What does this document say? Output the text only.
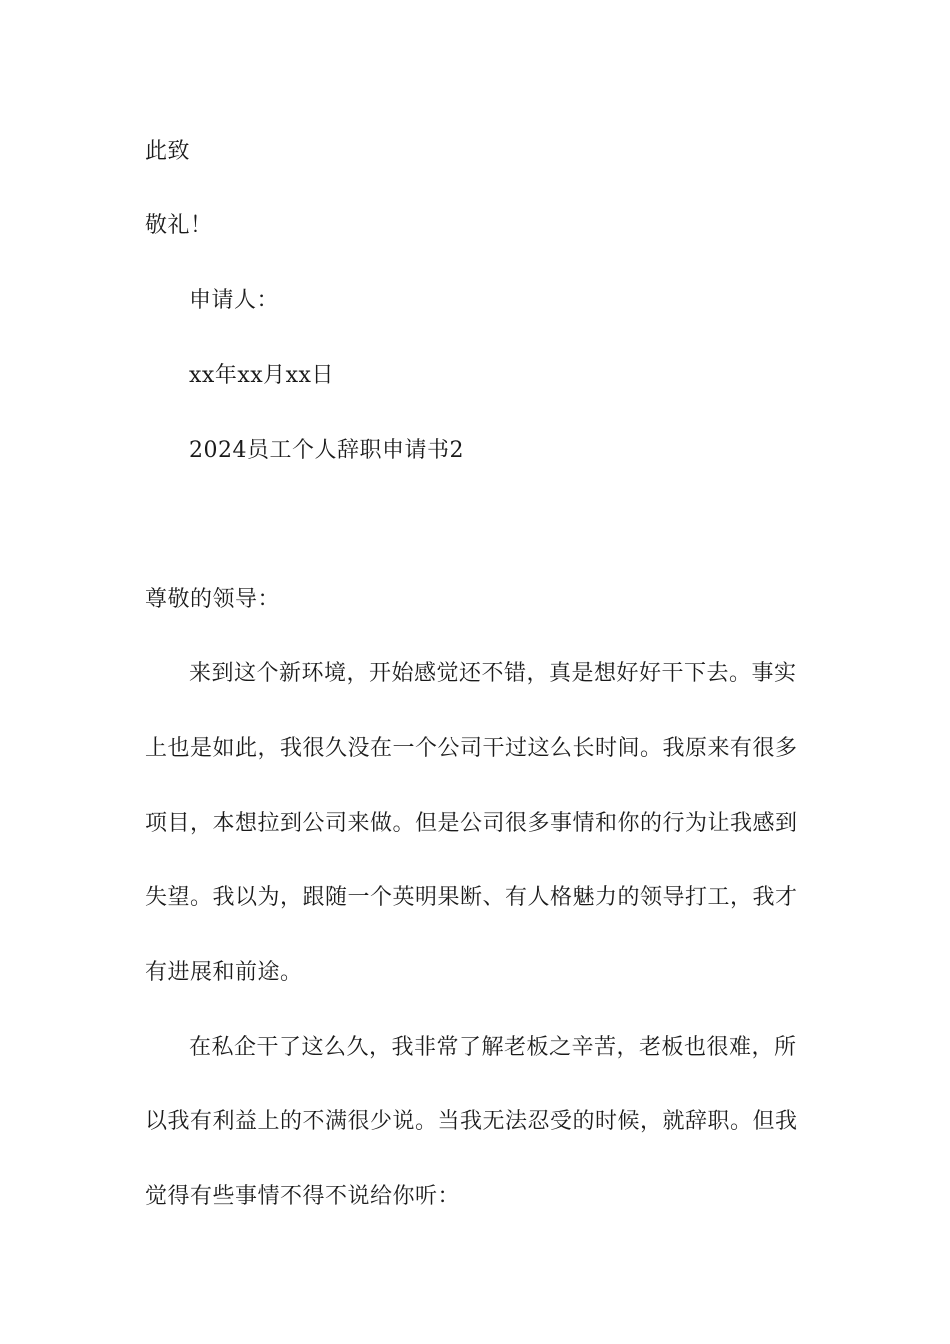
此致
敬礼！
申请人：
xx年xx月xx日
2024员工个人辞职申请书2
尊敬的领导：
来到这个新环境，开始感觉还不错，真是想好好干下去。事实
上也是如此，我很久没在一个公司干过这么长时间。我原来有很多
项目，本想拉到公司来做。但是公司很多事情和你的行为让我感到
失望。我以为，跟随一个英明果断、有人格魅力的领导打工，我才
有进展和前途。
在私企干了这么久，我非常了解老板之辛苦，老板也很难，所
以我有利益上的不满很少说。当我无法忍受的时候，就辞职。但我
觉得有些事情不得不说给你听：
